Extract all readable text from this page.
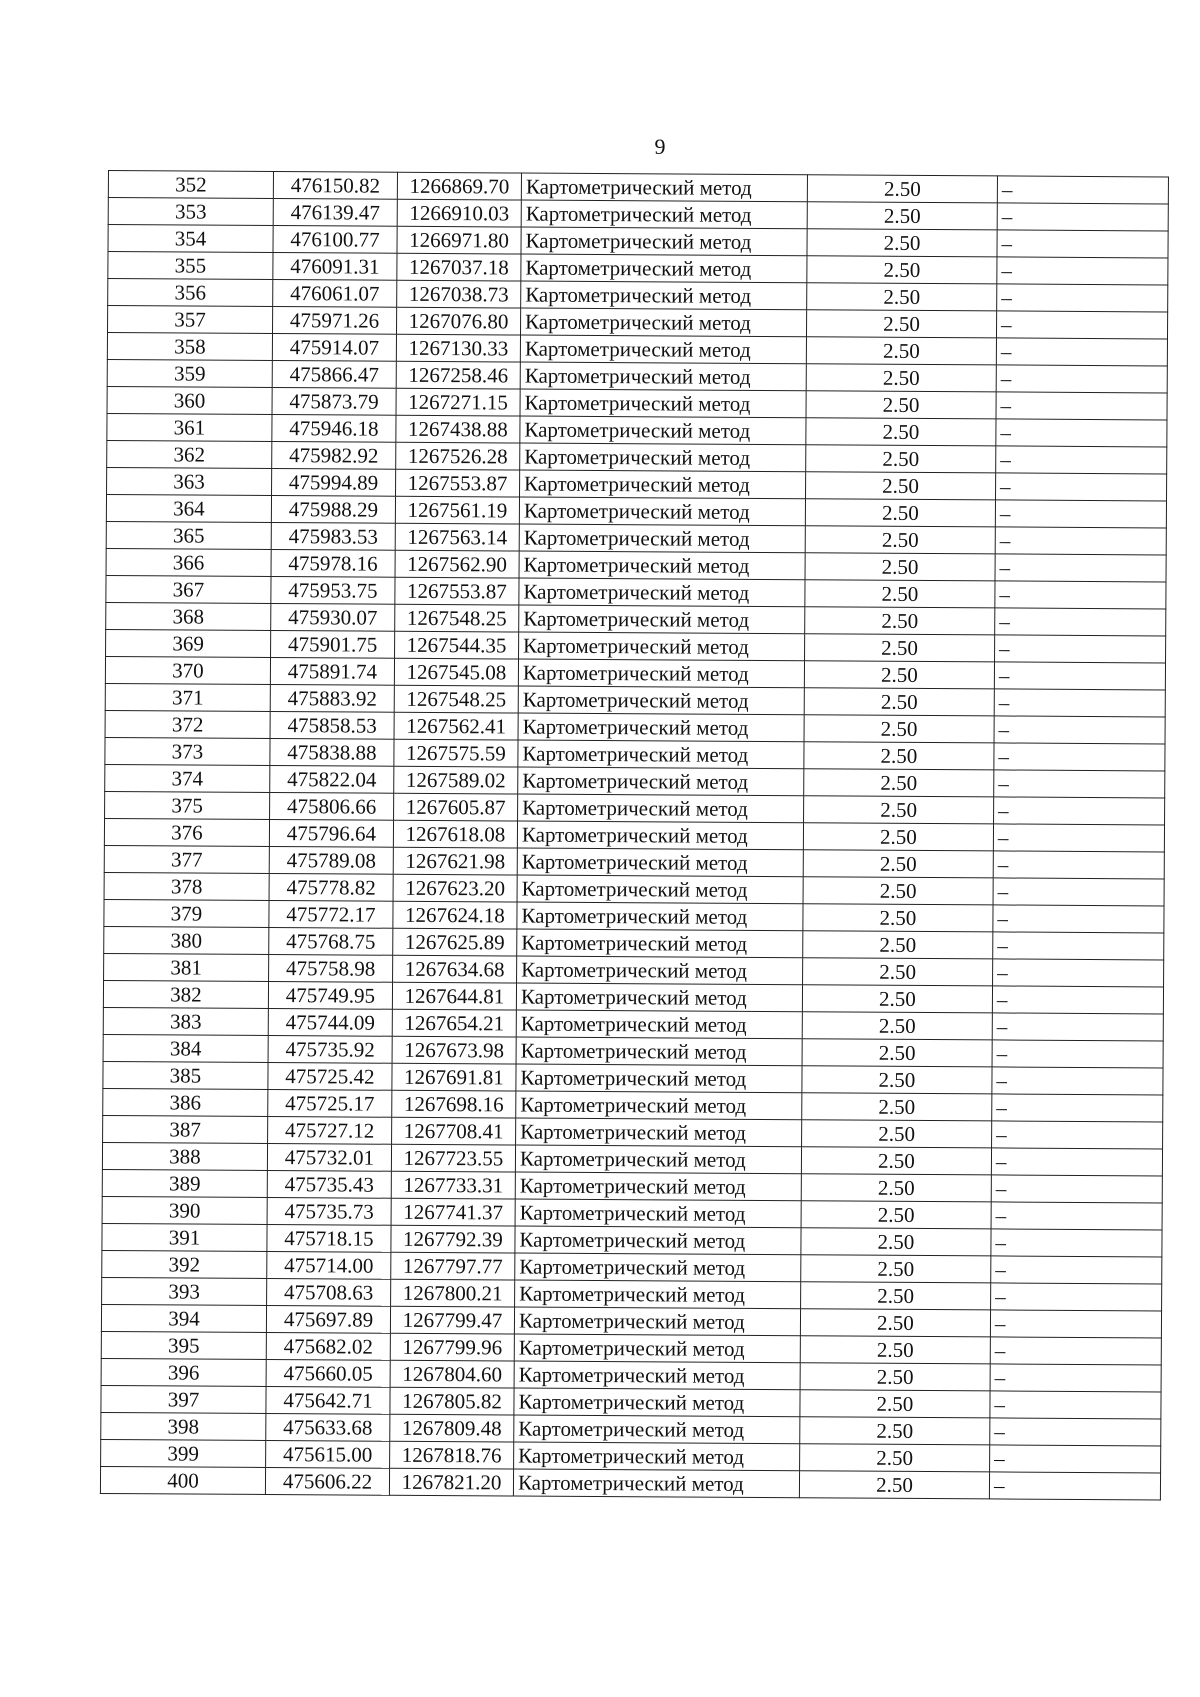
9
352	476150.82	1266869.70	Картометрический метод	2.50	–
353	476139.47	1266910.03	Картометрический метод	2.50	–
354	476100.77	1266971.80	Картометрический метод	2.50	–
355	476091.31	1267037.18	Картометрический метод	2.50	–
356	476061.07	1267038.73	Картометрический метод	2.50	–
357	475971.26	1267076.80	Картометрический метод	2.50	–
358	475914.07	1267130.33	Картометрический метод	2.50	–
359	475866.47	1267258.46	Картометрический метод	2.50	–
360	475873.79	1267271.15	Картометрический метод	2.50	–
361	475946.18	1267438.88	Картометрический метод	2.50	–
362	475982.92	1267526.28	Картометрический метод	2.50	–
363	475994.89	1267553.87	Картометрический метод	2.50	–
364	475988.29	1267561.19	Картометрический метод	2.50	–
365	475983.53	1267563.14	Картометрический метод	2.50	–
366	475978.16	1267562.90	Картометрический метод	2.50	–
367	475953.75	1267553.87	Картометрический метод	2.50	–
368	475930.07	1267548.25	Картометрический метод	2.50	–
369	475901.75	1267544.35	Картометрический метод	2.50	–
370	475891.74	1267545.08	Картометрический метод	2.50	–
371	475883.92	1267548.25	Картометрический метод	2.50	–
372	475858.53	1267562.41	Картометрический метод	2.50	–
373	475838.88	1267575.59	Картометрический метод	2.50	–
374	475822.04	1267589.02	Картометрический метод	2.50	–
375	475806.66	1267605.87	Картометрический метод	2.50	–
376	475796.64	1267618.08	Картометрический метод	2.50	–
377	475789.08	1267621.98	Картометрический метод	2.50	–
378	475778.82	1267623.20	Картометрический метод	2.50	–
379	475772.17	1267624.18	Картометрический метод	2.50	–
380	475768.75	1267625.89	Картометрический метод	2.50	–
381	475758.98	1267634.68	Картометрический метод	2.50	–
382	475749.95	1267644.81	Картометрический метод	2.50	–
383	475744.09	1267654.21	Картометрический метод	2.50	–
384	475735.92	1267673.98	Картометрический метод	2.50	–
385	475725.42	1267691.81	Картометрический метод	2.50	–
386	475725.17	1267698.16	Картометрический метод	2.50	–
387	475727.12	1267708.41	Картометрический метод	2.50	–
388	475732.01	1267723.55	Картометрический метод	2.50	–
389	475735.43	1267733.31	Картометрический метод	2.50	–
390	475735.73	1267741.37	Картометрический метод	2.50	–
391	475718.15	1267792.39	Картометрический метод	2.50	–
392	475714.00	1267797.77	Картометрический метод	2.50	–
393	475708.63	1267800.21	Картометрический метод	2.50	–
394	475697.89	1267799.47	Картометрический метод	2.50	–
395	475682.02	1267799.96	Картометрический метод	2.50	–
396	475660.05	1267804.60	Картометрический метод	2.50	–
397	475642.71	1267805.82	Картометрический метод	2.50	–
398	475633.68	1267809.48	Картометрический метод	2.50	–
399	475615.00	1267818.76	Картометрический метод	2.50	–
400	475606.22	1267821.20	Картометрический метод	2.50	–
